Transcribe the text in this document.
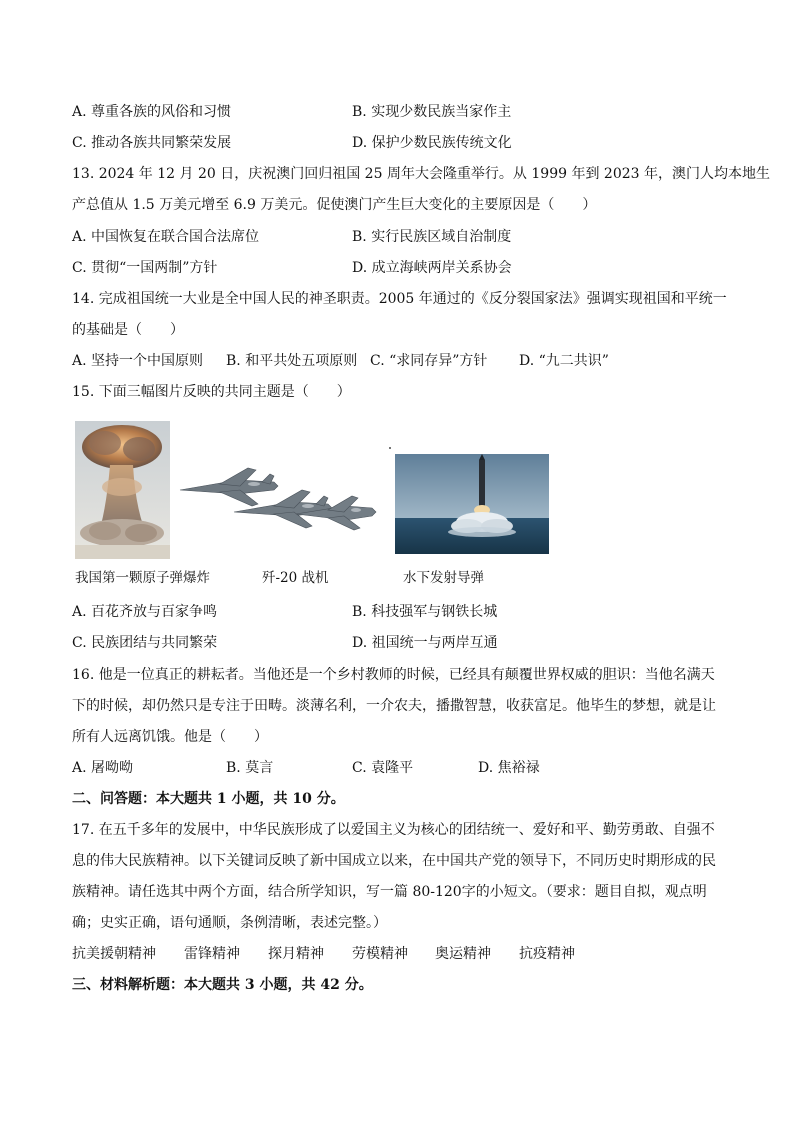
A. 尊重各族的风俗和习惯	B. 实现少数民族当家作主
C. 推动各族共同繁荣发展	D. 保护少数民族传统文化
13. 2024 年 12 月 20 日，庆祝澳门回归祖国 25 周年大会隆重举行。从 1999 年到 2023 年，澳门人均本地生
产总值从 1.5 万美元增至 6.9 万美元。促使澳门产生巨大变化的主要原因是（　　）
A. 中国恢复在联合国合法席位	B. 实行民族区域自治制度
C. 贯彻“一国两制”方针	D. 成立海峡两岸关系协会
14. 完成祖国统一大业是全中国人民的神圣职责。2005 年通过的《反分裂国家法》强调实现祖国和平统一
的基础是（　　）
A. 坚持一个中国原则 B. 和平共处五项原则 C. “求同存异”方针 D. “九二共识”
15. 下面三幅图片反映的共同主题是（　　）
我国第一颗原子弹爆炸	歼-20 战机	水下发射导弹
A. 百花齐放与百家争鸣	B. 科技强军与钢铁长城
C. 民族团结与共同繁荣	D. 祖国统一与两岸互通
16. 他是一位真正的耕耘者。当他还是一个乡村教师的时候，已经具有颠覆世界权威的胆识：当他名满天
下的时候，却仍然只是专注于田畴。淡薄名利，一介农夫，播撒智慧，收获富足。他毕生的梦想，就是让
所有人远离饥饿。他是（　　）
A. 屠呦呦	B. 莫言	C. 袁隆平	D. 焦裕禄
二、问答题：本大题共 1 小题，共 10 分。
17. 在五千多年的发展中，中华民族形成了以爱国主义为核心的团结统一、爱好和平、勤劳勇敢、自强不
息的伟大民族精神。以下关键词反映了新中国成立以来，在中国共产党的领导下，不同历史时期形成的民
族精神。请任选其中两个方面，结合所学知识，写一篇 80-120字的小短文。（要求：题目自拟，观点明
确；史实正确，语句通顺，条例清晰，表述完整。）
抗美援朝精神 雷锋精神 探月精神 劳模精神 奥运精神 抗疫精神
三、材料解析题：本大题共 3 小题，共 42 分。
